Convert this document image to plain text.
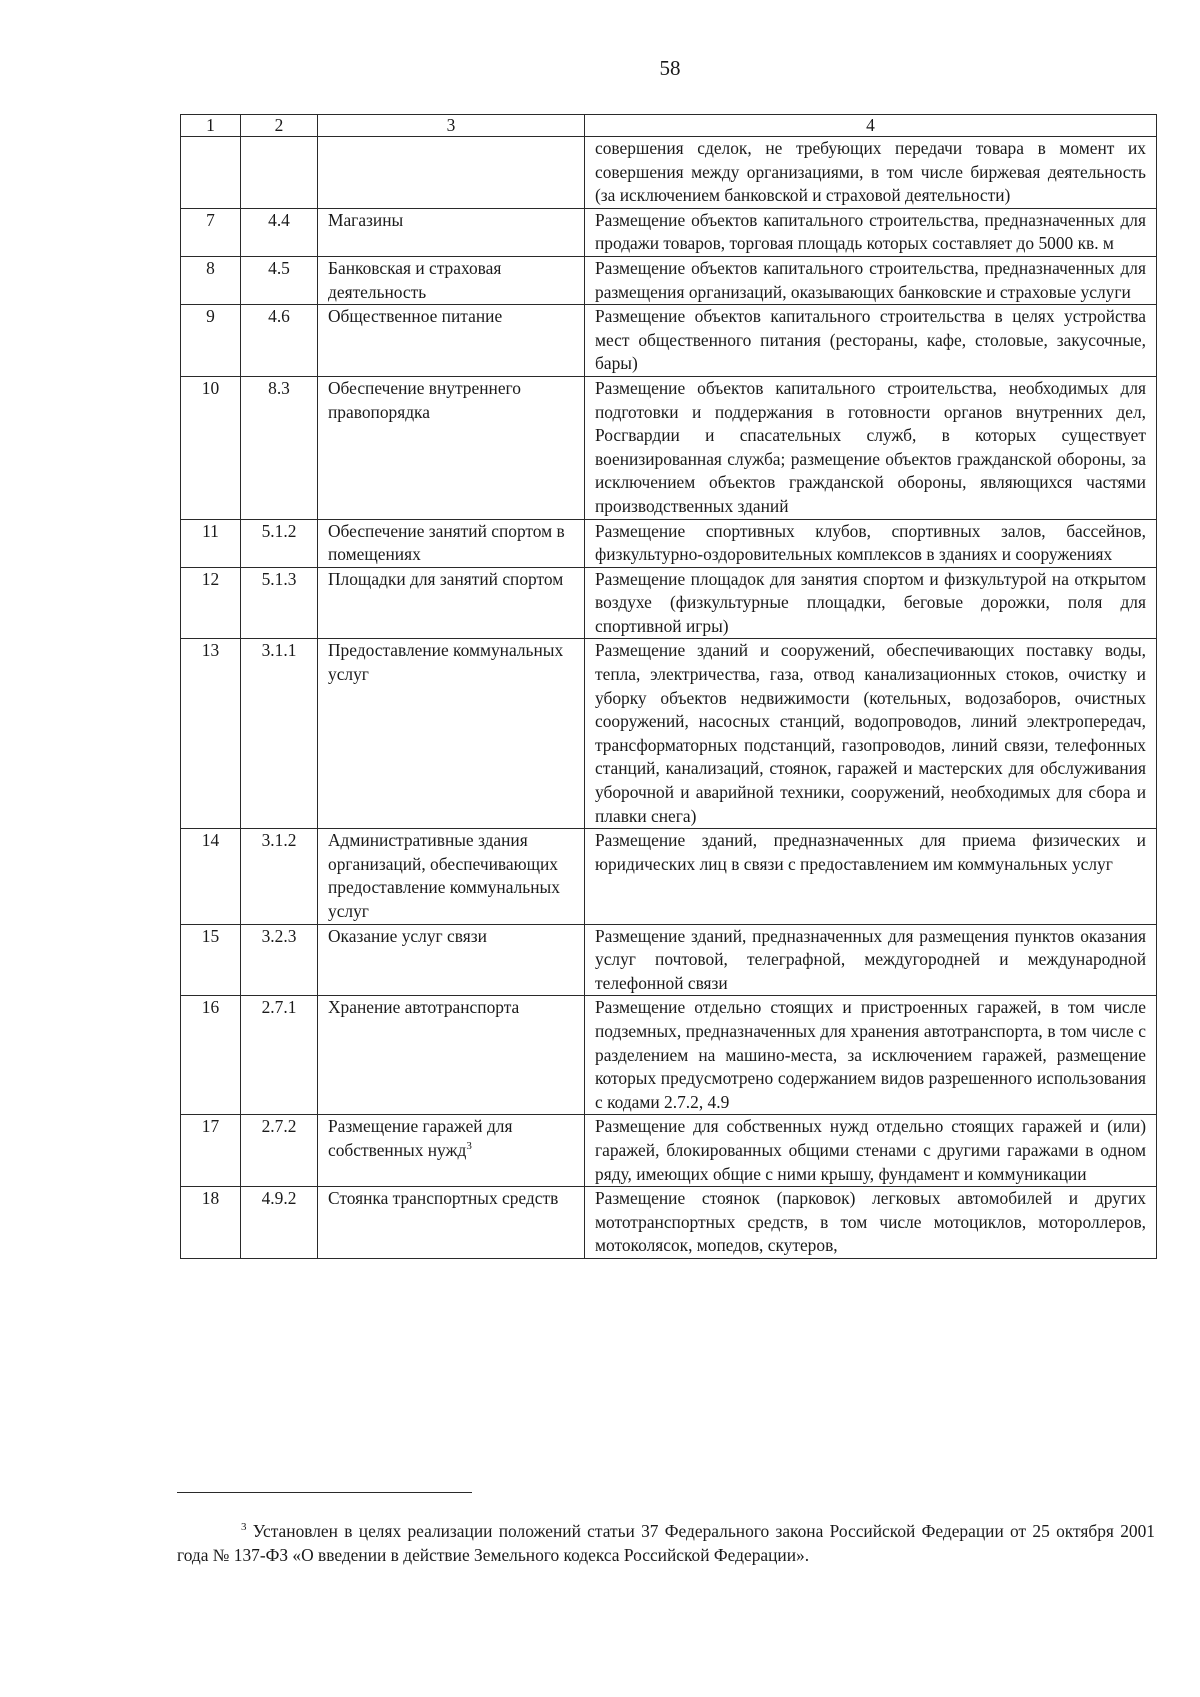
58
1	2	3	4
			совершения сделок, не требующих передачи товара в момент их совершения между организациями, в том числе биржевая деятельность (за исключением банковской и страховой деятельности)
7	4.4	Магазины	Размещение объектов капитального строительства, предназначенных для продажи товаров, торговая площадь которых составляет до 5000 кв. м
8	4.5	Банковская и страховая деятельность	Размещение объектов капитального строительства, предназначенных для размещения организаций, оказывающих банковские и страховые услуги
9	4.6	Общественное питание	Размещение объектов капитального строительства в целях устройства мест общественного питания (рестораны, кафе, столовые, закусочные, бары)
10	8.3	Обеспечение внутреннего правопорядка	Размещение объектов капитального строительства, необходимых для подготовки и поддержания в готовности органов внутренних дел, Росгвардии и спасательных служб, в которых существует военизированная служба; размещение объектов гражданской обороны, за исключением объектов гражданской обороны, являющихся частями производственных зданий
11	5.1.2	Обеспечение занятий спортом в помещениях	Размещение спортивных клубов, спортивных залов, бассейнов, физкультурно-оздоровительных комплексов в зданиях и сооружениях
12	5.1.3	Площадки для занятий спортом	Размещение площадок для занятия спортом и физкультурой на открытом воздухе (физкультурные площадки, беговые дорожки, поля для спортивной игры)
13	3.1.1	Предоставление коммунальных услуг	Размещение зданий и сооружений, обеспечивающих поставку воды, тепла, электричества, газа, отвод канализационных стоков, очистку и уборку объектов недвижимости (котельных, водозаборов, очистных сооружений, насосных станций, водопроводов, линий электропередач, трансформаторных подстанций, газопроводов, линий связи, телефонных станций, канализаций, стоянок, гаражей и мастерских для обслуживания уборочной и аварийной техники, сооружений, необходимых для сбора и плавки снега)
14	3.1.2	Административные здания организаций, обеспечивающих предоставление коммунальных услуг	Размещение зданий, предназначенных для приема физических и юридических лиц в связи с предоставлением им коммунальных услуг
15	3.2.3	Оказание услуг связи	Размещение зданий, предназначенных для размещения пунктов оказания услуг почтовой, телеграфной, междугородней и международной телефонной связи
16	2.7.1	Хранение автотранспорта	Размещение отдельно стоящих и пристроенных гаражей, в том числе подземных, предназначенных для хранения автотранспорта, в том числе с разделением на машино-места, за исключением гаражей, размещение которых предусмотрено содержанием видов разрешенного использования с кодами 2.7.2, 4.9
17	2.7.2	Размещение гаражей для собственных нужд$^3$	Размещение для собственных нужд отдельно стоящих гаражей и (или) гаражей, блокированных общими стенами с другими гаражами в одном ряду, имеющих общие с ними крышу, фундамент и коммуникации
18	4.9.2	Стоянка транспортных средств	Размещение стоянок (парковок) легковых автомобилей и других мототранспортных средств, в том числе мотоциклов, мотороллеров, мотоколясок, мопедов, скутеров,
$^3$ Установлен в целях реализации положений статьи 37 Федерального закона Российской Федерации от 25 октября 2001 года № 137-ФЗ «О введении в действие Земельного кодекса Российской Федерации».
